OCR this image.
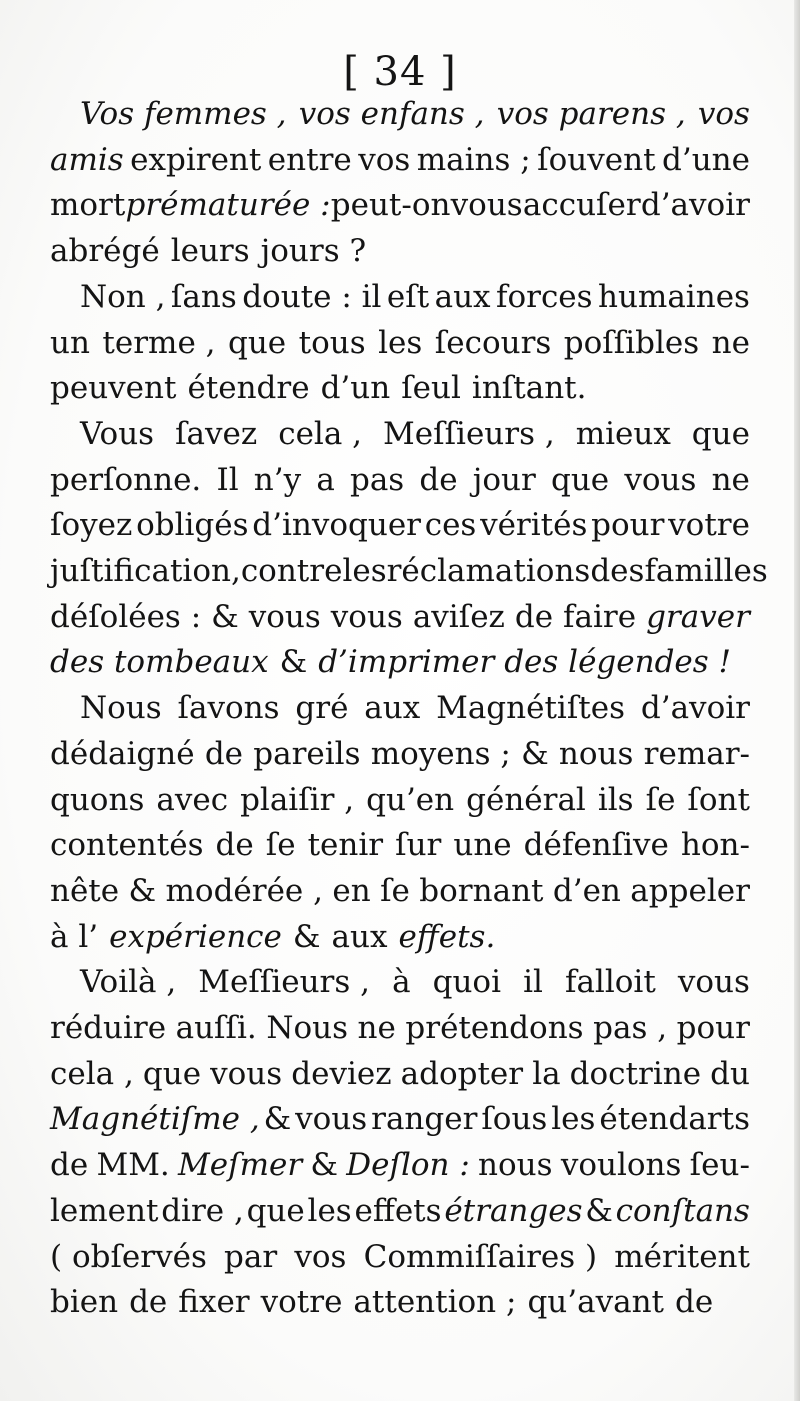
[ 34 ]
Vos femmes , vos enfans , vos parens , vos
amis expirent entre vos mains ; ſouvent d’une
mort prématurée : peut-on vous accuſer d’avoir
abrégé leurs jours ?
Non , ſans doute : il eſt aux forces humaines
un terme , que tous les ſecours poſſibles ne
peuvent étendre d’un ſeul inſtant.
Vous ſavez cela , Meſſieurs , mieux que
perſonne. Il n’y a pas de jour que vous ne
ſoyez obligés d’invoquer ces vérités pour votre
juſtification, contre les réclamations des familles
déſolées : & vous vous aviſez de faire graver
des tombeaux & d’imprimer des légendes !
Nous ſavons gré aux Magnétiſtes d’avoir
dédaigné de pareils moyens ; & nous remar-
quons avec plaiſir , qu’en général ils ſe ſont
contentés de ſe tenir ſur une défenſive hon-
nête & modérée , en ſe bornant d’en appeler
à l’ expérience & aux effets.
Voilà , Meſſieurs , à quoi il falloit vous
réduire auſſi. Nous ne prétendons pas , pour
cela , que vous deviez adopter la doctrine du
Magnétiſme , & vous ranger ſous les étendarts
de MM. Meſmer & Deſlon : nous voulons ſeu-
lement dire , que les effets étranges & conſtans
( obſervés par vos Commiſſaires ) méritent
bien de fixer votre attention ; qu’avant de
